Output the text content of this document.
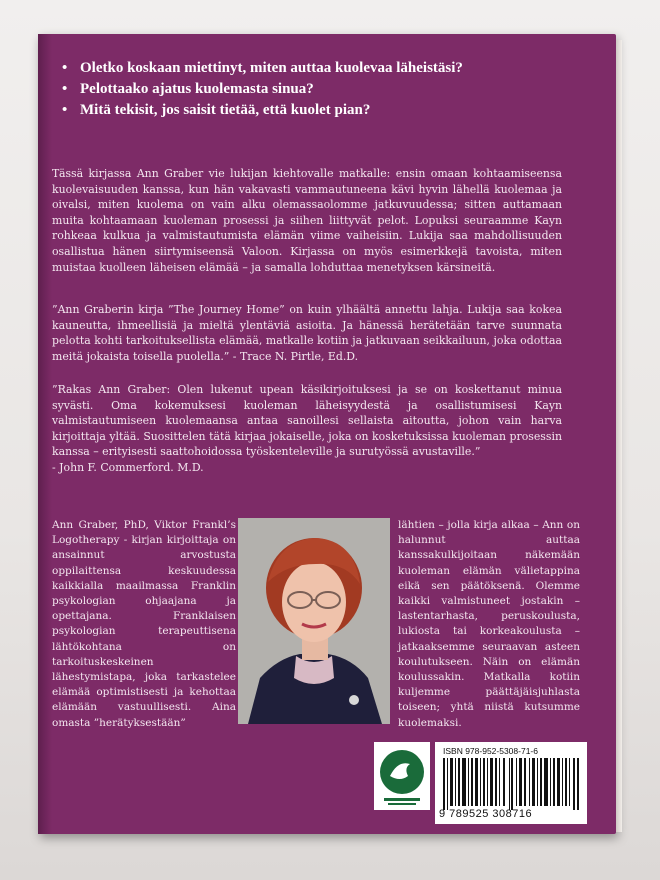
• Oletko koskaan miettinyt, miten auttaa kuolevaa läheistäsi?
• Pelottaako ajatus kuolemasta sinua?
• Mitä tekisit, jos saisit tietää, että kuolet pian?
Tässä kirjassa Ann Graber vie lukijan kiehtovalle matkalle: ensin omaan kohtaamiseensa kuolevaisuuden kanssa, kun hän vakavasti vammautuneena kävi hyvin lähellä kuolemaa ja oivalsi, miten kuolema on vain alku olemassaolomme jatkuvuudessa; sitten auttamaan muita kohtaamaan kuoleman prosessi ja siihen liittyvät pelot. Lopuksi seuraamme Kayn rohkeaa kulkua ja valmistautumista elämän viime vaiheisiin. Lukija saa mahdollisuuden osallistua hänen siirtymiseensä Valoon. Kirjassa on myös esimerkkejä tavoista, miten muistaa kuolleen läheisen elämää – ja samalla lohduttaa menetyksen kärsineitä.
”Ann Graberin kirja ”The Journey Home” on kuin ylhäältä annettu lahja. Lukija saa kokea kauneutta, ihmeellisiä ja mieltä ylentäviä asioita. Ja hänessä herätetään tarve suunnata pelotta kohti tarkoituksellista elämää, matkalle kotiin ja jatkuvaan seikkailuun, joka odottaa meitä jokaista toisella puolella.” - Trace N. Pirtle, Ed.D.
”Rakas Ann Graber: Olen lukenut upean käsikirjoituksesi ja se on koskettanut minua syvästi. Oma kokemuksesi kuoleman läheisyydestä ja osallistumisesi Kayn valmistautumiseen kuolemaansa antaa sanoillesi sellaista aitoutta, johon vain harva kirjoittaja yltää. Suosittelen tätä kirjaa jokaiselle, joka on kosketuksissa kuoleman prosessin kanssa – erityisesti saattohoidossa työskenteleville ja surutyössä avustaville.”
- John F. Commerford. M.D.
Ann Graber, PhD, Viktor Frankl’s Logotherapy - kirjan kirjoittaja on ansainnut arvostusta oppilaittensa keskuudessa kaikkialla maailmassa Franklin psykologian ohjaajana ja opettajana. Franklaisen psykologian terapeuttisena lähtökohtana on tarkoituskeskeinen lähestymistapa, joka tarkastelee elämää optimistisesti ja kehottaa elämään vastuullisesti. Aina omasta ”herätyksestään”
lähtien – jolla kirja alkaa – Ann on halunnut auttaa kanssakulkijoitaan näkemään kuoleman elämän välietappina eikä sen päätöksenä. Olemme kaikki valmistuneet jostakin – lastentarhasta, peruskoulusta, lukiosta tai korkeakoulusta – jatkaaksemme seuraavan asteen koulutukseen. Näin on elämän koulussakin. Matkalla kotiin kuljemme päättäjäisjuhlasta toiseen; yhtä niistä kutsumme kuolemaksi.
ISBN 978-952-5308-71-6
9 789525 308716
